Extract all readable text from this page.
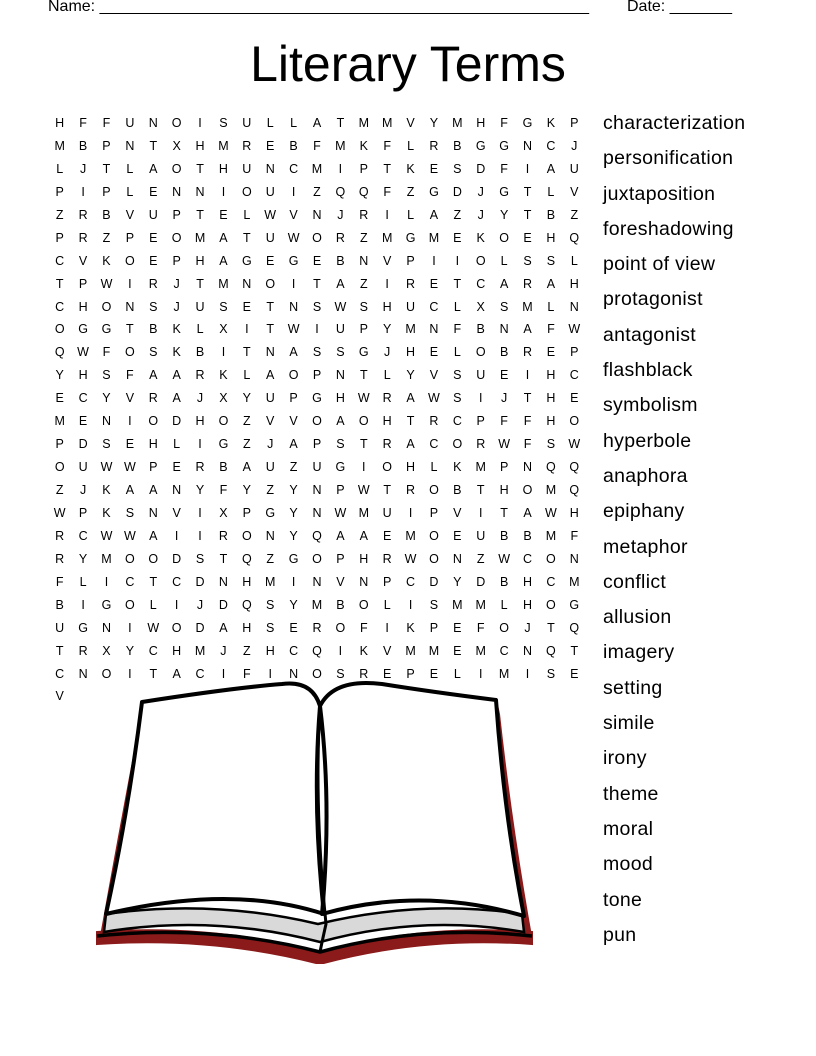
Name: _______________________________________________________ Date: _______
Literary Terms
H	F	F	U	N	O	I	S	U	L	L	A	T	M	M	V	Y	M	H	F	G	K	P
M	B	P	N	T	X	H	M	R	E	B	F	M	K	F	L	R	B	G	G	N	C	J
L	J	T	L	A	O	T	H	U	N	C	M	I	P	T	K	E	S	D	F	I	A	U
P	I	P	L	E	N	N	I	O	U	I	Z	Q	Q	F	Z	G	D	J	G	T	L	V
Z	R	B	V	U	P	T	E	L	W	V	N	J	R	I	L	A	Z	J	Y	T	B	Z
P	R	Z	P	E	O	M	A	T	U	W	O	R	Z	M	G	M	E	K	O	E	H	Q
C	V	K	O	E	P	H	A	G	E	G	E	B	N	V	P	I	I	O	L	S	S	L
T	P	W	I	R	J	T	M	N	O	I	T	A	Z	I	R	E	T	C	A	R	A	H
C	H	O	N	S	J	U	S	E	T	N	S	W	S	H	U	C	L	X	S	M	L	N
O	G	G	T	B	K	L	X	I	T	W	I	U	P	Y	M	N	F	B	N	A	F	W
Q	W	F	O	S	K	B	I	T	N	A	S	S	G	J	H	E	L	O	B	R	E	P
Y	H	S	F	A	A	R	K	L	A	O	P	N	T	L	Y	V	S	U	E	I	H	C
E	C	Y	V	R	A	J	X	Y	U	P	G	H	W	R	A	W	S	I	J	T	H	E
M	E	N	I	O	D	H	O	Z	V	V	O	A	O	H	T	R	C	P	F	F	H	O
P	D	S	E	H	L	I	G	Z	J	A	P	S	T	R	A	C	O	R	W	F	S	W
O	U	W W	P	E	R	B	A	U	Z	U	G	I	O	H	L	K	M	P	N	Q	Q
Z	J	K	A	A	N	Y	F	Y	Z	Y	N	P	W	T	R	O	B	T	H	O	M	Q
W	P	K	S	N	V	I	X	P	G	Y	N	W M	U	I	P	V	I	T	A	W	H
R	C	W W	A	I	I	R	O	N	Y	Q	A	A	E	M	O	E	U	B	B	M	F
R	Y	M	O	O	D	S	T	Q	Z	G	O	P	H	R	W	O	N	Z	W	C	O	N
F	L	I	C	T	C	D	N	H	M	I	N	V	N	P	C	D	Y	D	B	H	C	M
B	I	G	O	L	I	J	D	Q	S	Y	M	B	O	L	I	S	M	M	L	H	O	G
U	G	N	I	W	O	D	A	H	S	E	R	O	F	I	K	P	E	F	O	J	T	Q
T	R	X	Y	C	H	M	J	Z	H	C	Q	I	K	V	M	M	E	M	C	N	Q	T
C	N	O	I	T	A	C	I	F	I	N	O	S	R	E	P	E	L	I	M	I	S	E
V
characterization
personification
juxtaposition
foreshadowing
point of view
protagonist
antagonist
flashblack
symbolism
hyperbole
anaphora
epiphany
metaphor
conflict
allusion
imagery
setting
simile
irony
theme
moral
mood
tone
pun
